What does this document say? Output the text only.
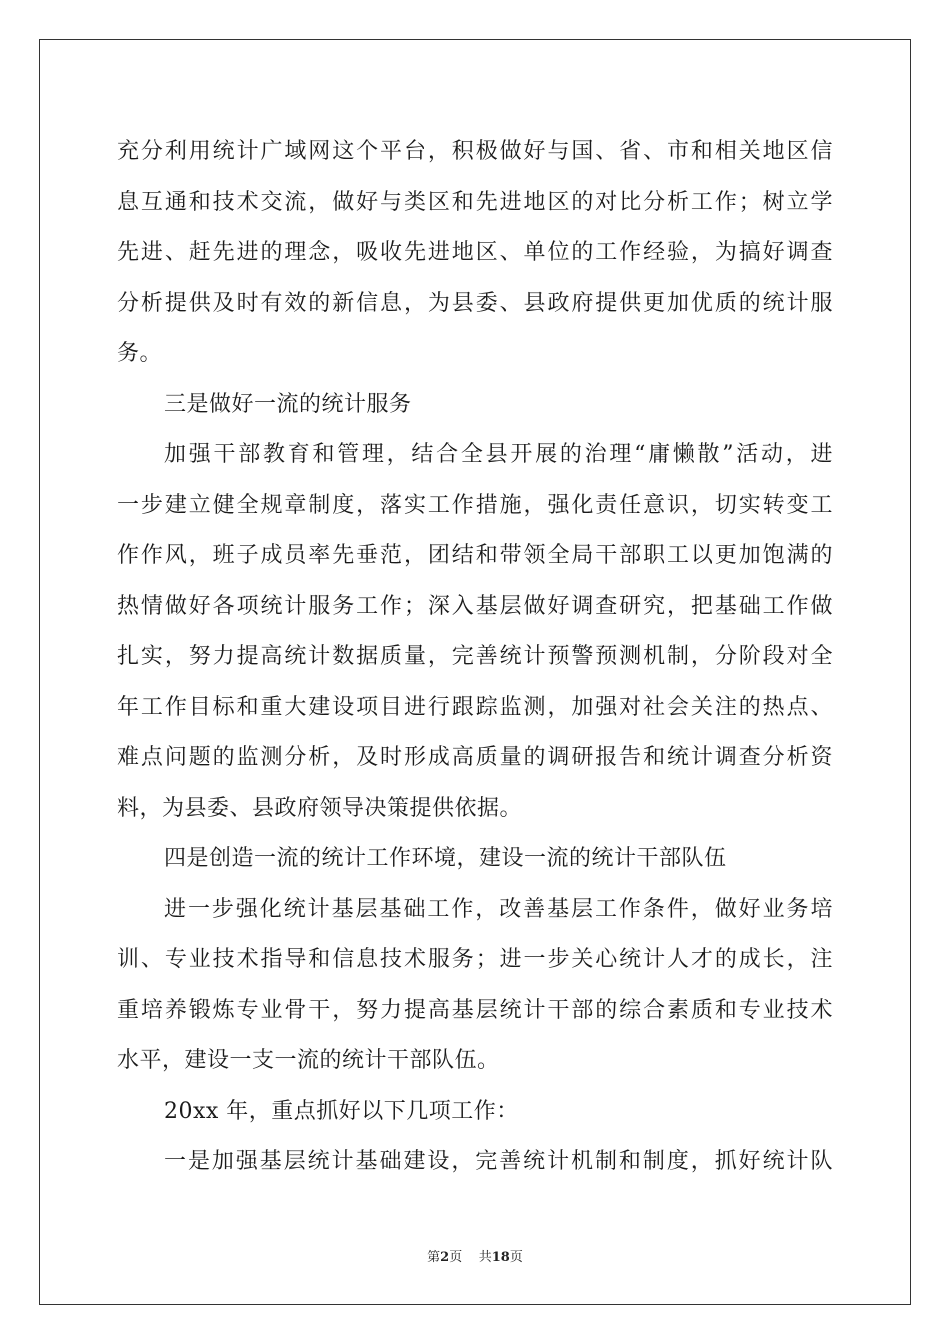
充分利用统计广域网这个平台，积极做好与国、省、市和相关地区信
息互通和技术交流，做好与类区和先进地区的对比分析工作；树立学
先进、赶先进的理念，吸收先进地区、单位的工作经验，为搞好调查
分析提供及时有效的新信息，为县委、县政府提供更加优质的统计服
务。
三是做好一流的统计服务
加强干部教育和管理，结合全县开展的治理“庸懒散”活动，进
一步建立健全规章制度，落实工作措施，强化责任意识，切实转变工
作作风，班子成员率先垂范，团结和带领全局干部职工以更加饱满的
热情做好各项统计服务工作；深入基层做好调查研究，把基础工作做
扎实，努力提高统计数据质量，完善统计预警预测机制，分阶段对全
年工作目标和重大建设项目进行跟踪监测，加强对社会关注的热点、
难点问题的监测分析，及时形成高质量的调研报告和统计调查分析资
料，为县委、县政府领导决策提供依据。
四是创造一流的统计工作环境，建设一流的统计干部队伍
进一步强化统计基层基础工作，改善基层工作条件，做好业务培
训、专业技术指导和信息技术服务；进一步关心统计人才的成长，注
重培养锻炼专业骨干，努力提高基层统计干部的综合素质和专业技术
水平，建设一支一流的统计干部队伍。
20xx 年，重点抓好以下几项工作：
一是加强基层统计基础建设，完善统计机制和制度，抓好统计队
第2页 共18页
